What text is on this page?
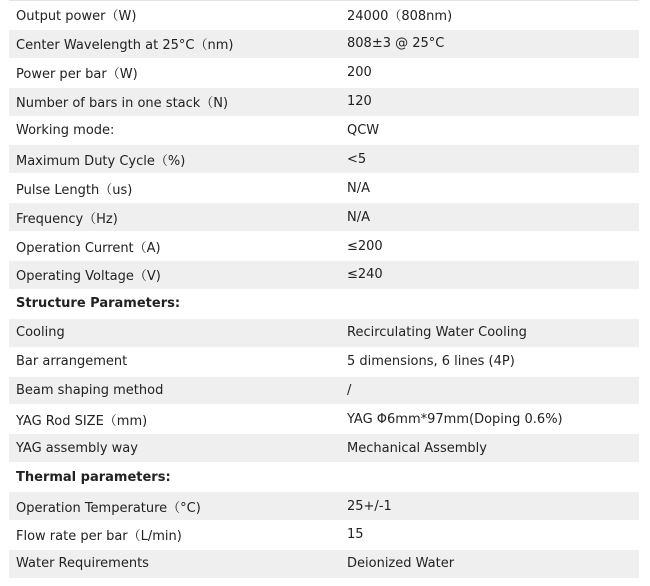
Output power（W)	24000（808nm)
Center Wavelength at 25°C（nm)	808±3 @ 25°C
Power per bar（W)	200
Number of bars in one stack（N)	120
Working mode:	QCW
Maximum Duty Cycle（%)	<5
Pulse Length（us)	N/A
Frequency（Hz)	N/A
Operation Current（A)	≤200
Operating Voltage（V)	≤240
Structure Parameters:
Cooling	Recirculating Water Cooling
Bar arrangement	5 dimensions, 6 lines (4P)
Beam shaping method	/
YAG Rod SIZE（mm)	YAG Φ6mm*97mm(Doping 0.6%)
YAG assembly way	Mechanical Assembly
Thermal parameters:
Operation Temperature（°C)	25+/-1
Flow rate per bar（L/min)	15
Water Requirements	Deionized Water
